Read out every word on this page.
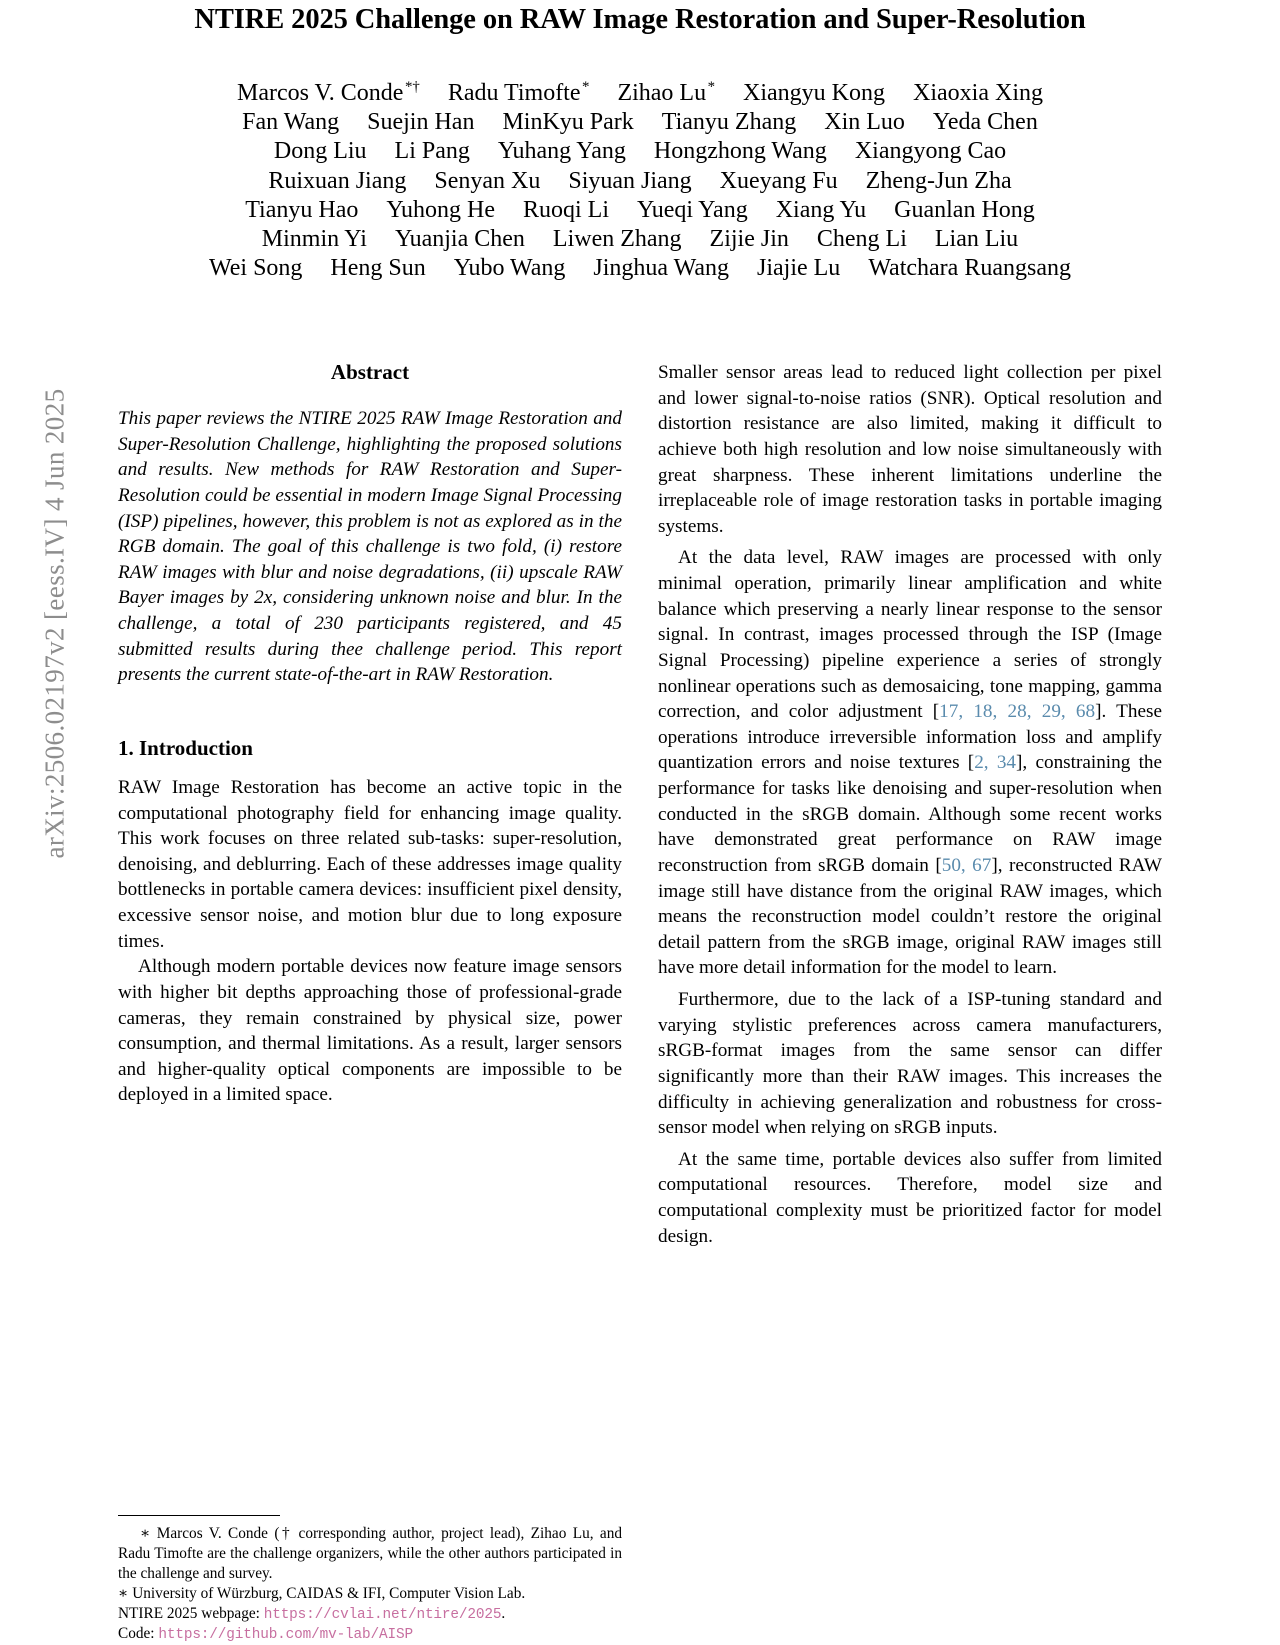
arXiv:2506.02197v2 [eess.IV] 4 Jun 2025
NTIRE 2025 Challenge on RAW Image Restoration and Super-Resolution
Marcos V. Conde *† Radu Timofte * Zihao Lu * Xiangyu Kong Xiaoxia Xing
Fan Wang Suejin Han MinKyu Park Tianyu Zhang Xin Luo Yeda Chen
Dong Liu Li Pang Yuhang Yang Hongzhong Wang Xiangyong Cao
Ruixuan Jiang Senyan Xu Siyuan Jiang Xueyang Fu Zheng-Jun Zha
Tianyu Hao Yuhong He Ruoqi Li Yueqi Yang Xiang Yu Guanlan Hong
Minmin Yi Yuanjia Chen Liwen Zhang Zijie Jin Cheng Li Lian Liu
Wei Song Heng Sun Yubo Wang Jinghua Wang Jiajie Lu Watchara Ruangsang
Abstract

This paper reviews the NTIRE 2025 RAW Image Restoration and Super-Resolution Challenge, highlighting the proposed solutions and results. New methods for RAW Restoration and Super-Resolution could be essential in modern Image Signal Processing (ISP) pipelines, however, this problem is not as explored as in the RGB domain. The goal of this challenge is two fold, (i) restore RAW images with blur and noise degradations, (ii) upscale RAW Bayer images by 2x, considering unknown noise and blur. In the challenge, a total of 230 participants registered, and 45 submitted results during thee challenge period. This report presents the current state-of-the-art in RAW Restoration.

1. Introduction

RAW Image Restoration has become an active topic in the computational photography field for enhancing image quality. This work focuses on three related sub-tasks: super-resolution, denoising, and deblurring. Each of these addresses image quality bottlenecks in portable camera devices: insufficient pixel density, excessive sensor noise, and motion blur due to long exposure times.

Although modern portable devices now feature image sensors with higher bit depths approaching those of professional-grade cameras, they remain constrained by physical size, power consumption, and thermal limitations. As a result, larger sensors and higher-quality optical components are impossible to be deployed in a limited space.

∗ Marcos V. Conde († corresponding author, project lead), Zihao Lu, and Radu Timofte are the challenge organizers, while the other authors participated in the challenge and survey.

∗ University of Würzburg, CAIDAS & IFI, Computer Vision Lab.

NTIRE 2025 webpage: https://cvlai.net/ntire/2025.

Code: https://github.com/mv-lab/AISP

Smaller sensor areas lead to reduced light collection per pixel and lower signal-to-noise ratios (SNR). Optical resolution and distortion resistance are also limited, making it difficult to achieve both high resolution and low noise simultaneously with great sharpness. These inherent limitations underline the irreplaceable role of image restoration tasks in portable imaging systems.

At the data level, RAW images are processed with only minimal operation, primarily linear amplification and white balance which preserving a nearly linear response to the sensor signal. In contrast, images processed through the ISP (Image Signal Processing) pipeline experience a series of strongly nonlinear operations such as demosaicing, tone mapping, gamma correction, and color adjustment [17, 18, 28, 29, 68]. These operations introduce irreversible information loss and amplify quantization errors and noise textures [2, 34], constraining the performance for tasks like denoising and super-resolution when conducted in the sRGB domain. Although some recent works have demonstrated great performance on RAW image reconstruction from sRGB domain [50, 67], reconstructed RAW image still have distance from the original RAW images, which means the reconstruction model couldn’t restore the original detail pattern from the sRGB image, original RAW images still have more detail information for the model to learn.

Furthermore, due to the lack of a ISP-tuning standard and varying stylistic preferences across camera manufacturers, sRGB-format images from the same sensor can differ significantly more than their RAW images. This increases the difficulty in achieving generalization and robustness for cross-sensor model when relying on sRGB inputs.

At the same time, portable devices also suffer from limited computational resources. Therefore, model size and computational complexity must be prioritized factor for model design.
